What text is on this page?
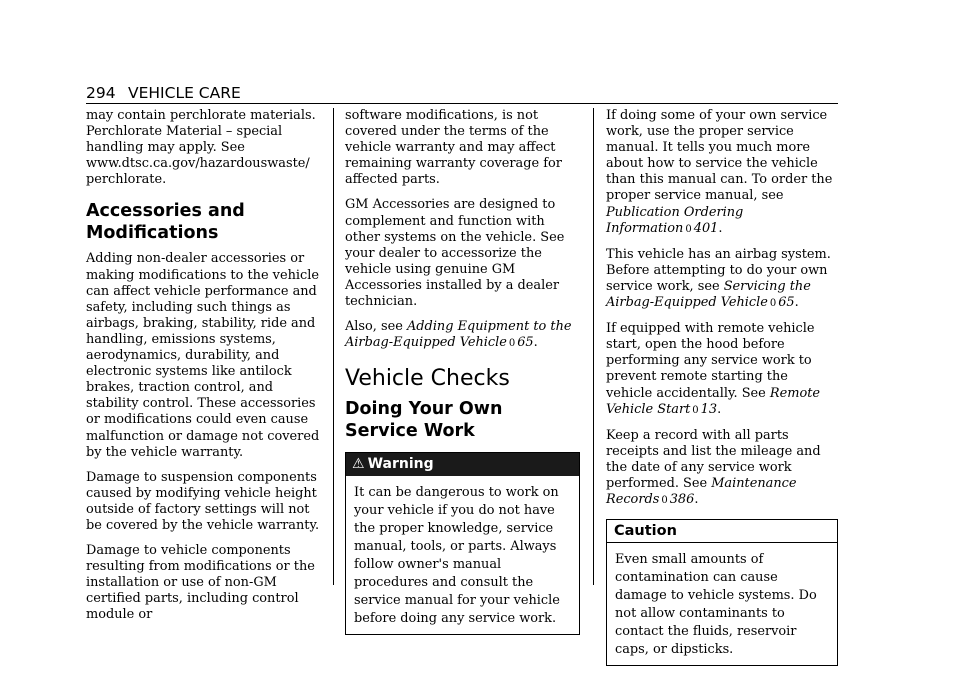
294 VEHICLE CARE

may contain perchlorate materials. Perchlorate Material – special handling may apply. See www.dtsc.ca.gov/hazardouswaste/ perchlorate.

Accessories and
Modifications

Adding non-dealer accessories or making modifications to the vehicle can affect vehicle performance and safety, including such things as airbags, braking, stability, ride and handling, emissions systems, aerodynamics, durability, and electronic systems like antilock brakes, traction control, and stability control. These accessories or modifications could even cause malfunction or damage not covered by the vehicle warranty.

Damage to suspension components caused by modifying vehicle height outside of factory settings will not be covered by the vehicle warranty.

Damage to vehicle components resulting from modifications or the installation or use of non-GM certified parts, including control module or

software modifications, is not covered under the terms of the vehicle warranty and may affect remaining warranty coverage for affected parts.

GM Accessories are designed to complement and function with other systems on the vehicle. See your dealer to accessorize the vehicle using genuine GM Accessories installed by a dealer technician.

Also, see Adding Equipment to the Airbag-Equipped Vehicle 0 65.

Vehicle Checks
Doing Your Own
Service Work
⚠ Warning
It can be dangerous to work on your vehicle if you do not have the proper knowledge, service manual, tools, or parts. Always follow owner's manual procedures and consult the service manual for your vehicle before doing any service work.

If doing some of your own service work, use the proper service manual. It tells you much more about how to service the vehicle than this manual can. To order the proper service manual, see Publication Ordering Information 0 401.

This vehicle has an airbag system. Before attempting to do your own service work, see Servicing the Airbag-Equipped Vehicle 0 65.

If equipped with remote vehicle start, open the hood before performing any service work to prevent remote starting the vehicle accidentally. See Remote Vehicle Start 0 13.

Keep a record with all parts receipts and list the mileage and the date of any service work performed. See Maintenance Records 0 386.

Caution
Even small amounts of contamination can cause damage to vehicle systems. Do not allow contaminants to contact the fluids, reservoir caps, or dipsticks.
